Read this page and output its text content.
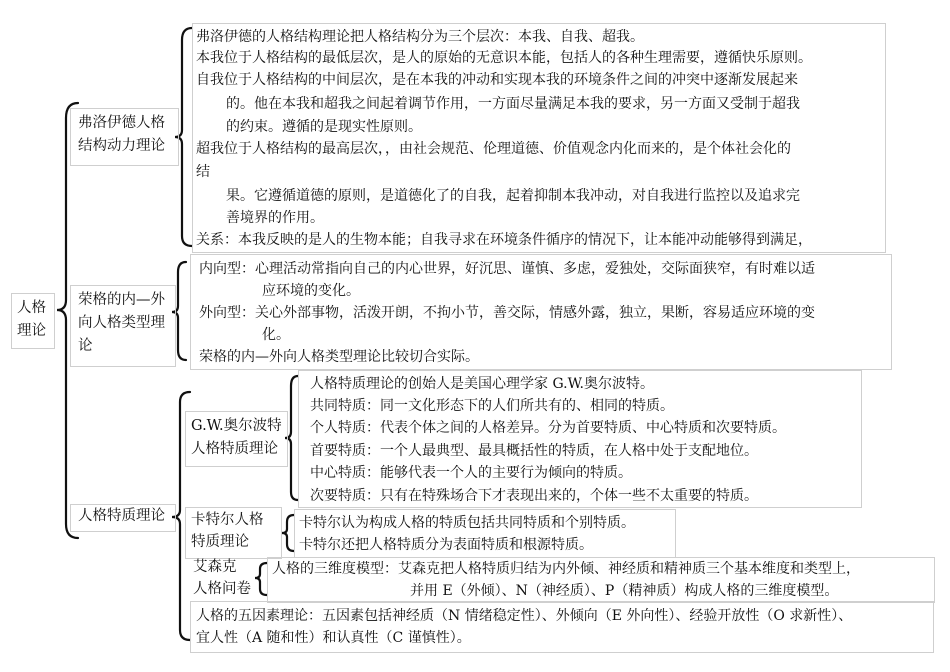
人格
理论
弗洛伊德人格
结构动力理论
弗洛伊德的人格结构理论把人格结构分为三个层次：本我、自我、超我。
本我位于人格结构的最低层次，是人的原始的无意识本能，包括人的各种生理需要，遵循快乐原则。
自我位于人格结构的中间层次，是在本我的冲动和实现本我的环境条件之间的冲突中逐渐发展起来
的。他在本我和超我之间起着调节作用，一方面尽量满足本我的要求，另一方面又受制于超我
的约束。遵循的是现实性原则。
超我位于人格结构的最高层次，，由社会规范、伦理道德、价值观念内化而来的，是个体社会化的
结
果。它遵循道德的原则，是道德化了的自我，起着抑制本我冲动，对自我进行监控以及追求完
善境界的作用。
关系：本我反映的是人的生物本能；自我寻求在环境条件循序的情况下，让本能冲动能够得到满足，
荣格的内—外
向人格类型理
论
内向型：心理活动常指向自己的内心世界，好沉思、谨慎、多虑，爱独处，交际面狭窄，有时难以适
应环境的变化。
外向型：关心外部事物，活泼开朗，不拘小节，善交际，情感外露，独立，果断，容易适应环境的变
化。
荣格的内—外向人格类型理论比较切合实际。
人格特质理论
G.W.奥尔波特
人格特质理论
人格特质理论的创始人是美国心理学家 G.W.奥尔波特。
共同特质：同一文化形态下的人们所共有的、相同的特质。
个人特质：代表个体之间的人格差异。分为首要特质、中心特质和次要特质。
首要特质：一个人最典型、最具概括性的特质，在人格中处于支配地位。
中心特质：能够代表一个人的主要行为倾向的特质。
次要特质：只有在特殊场合下才表现出来的，个体一些不太重要的特质。
卡特尔人格
特质理论
卡特尔认为构成人格的特质包括共同特质和个别特质。
卡特尔还把人格特质分为表面特质和根源特质。
艾森克
人格问卷
人格的三维度模型：艾森克把人格特质归结为内外倾、神经质和精神质三个基本维度和类型上，
并用 E（外倾）、N（神经质）、P（精神质）构成人格的三维度模型。
人格的五因素理论：五因素包括神经质（N 情绪稳定性）、外倾向（E 外向性）、经验开放性（O 求新性）、
宜人性（A 随和性）和认真性（C 谨慎性）。
